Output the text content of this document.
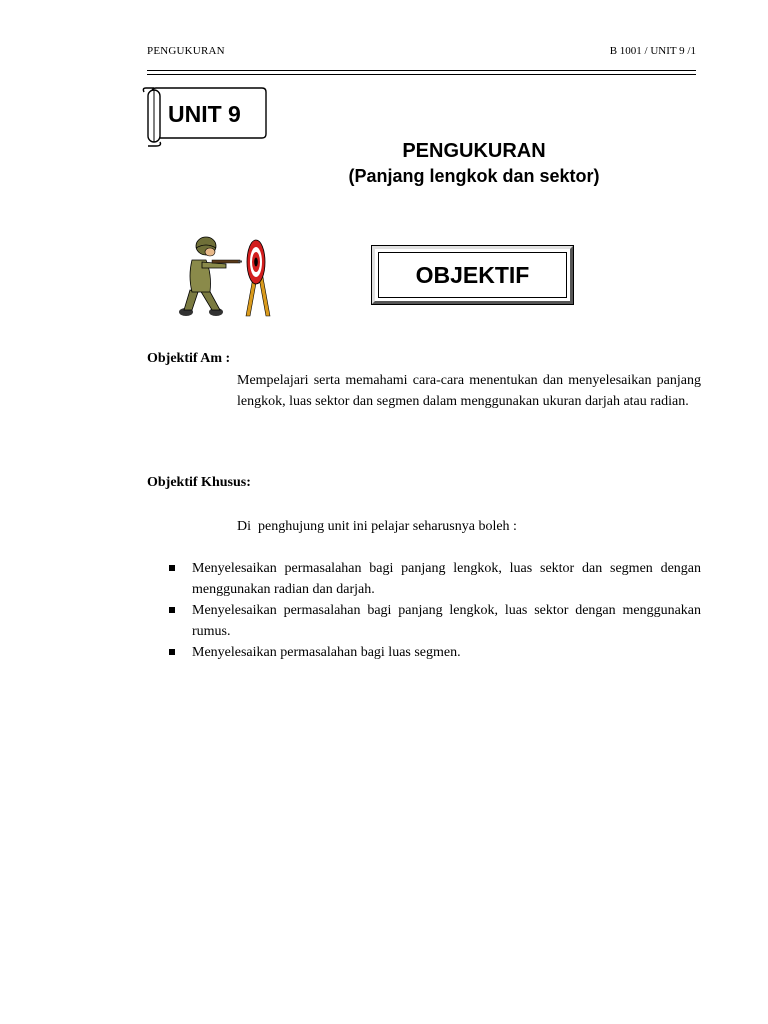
PENGUKURAN	B 1001 / UNIT 9 /1
UNIT 9
PENGUKURAN
(Panjang lengkok dan sektor)
OBJEKTIF
Objektif Am :

Mempelajari serta memahami cara-cara menentukan dan menyelesaikan panjang lengkok, luas sektor dan segmen dalam menggunakan ukuran darjah atau radian.

Objektif Khusus:
Di  penghujung unit ini pelajar seharusnya boleh :
Menyelesaikan permasalahan bagi panjang lengkok, luas sektor dan segmen dengan menggunakan radian dan darjah.
Menyelesaikan permasalahan bagi panjang lengkok, luas sektor dengan menggunakan rumus.
Menyelesaikan permasalahan bagi luas segmen.
